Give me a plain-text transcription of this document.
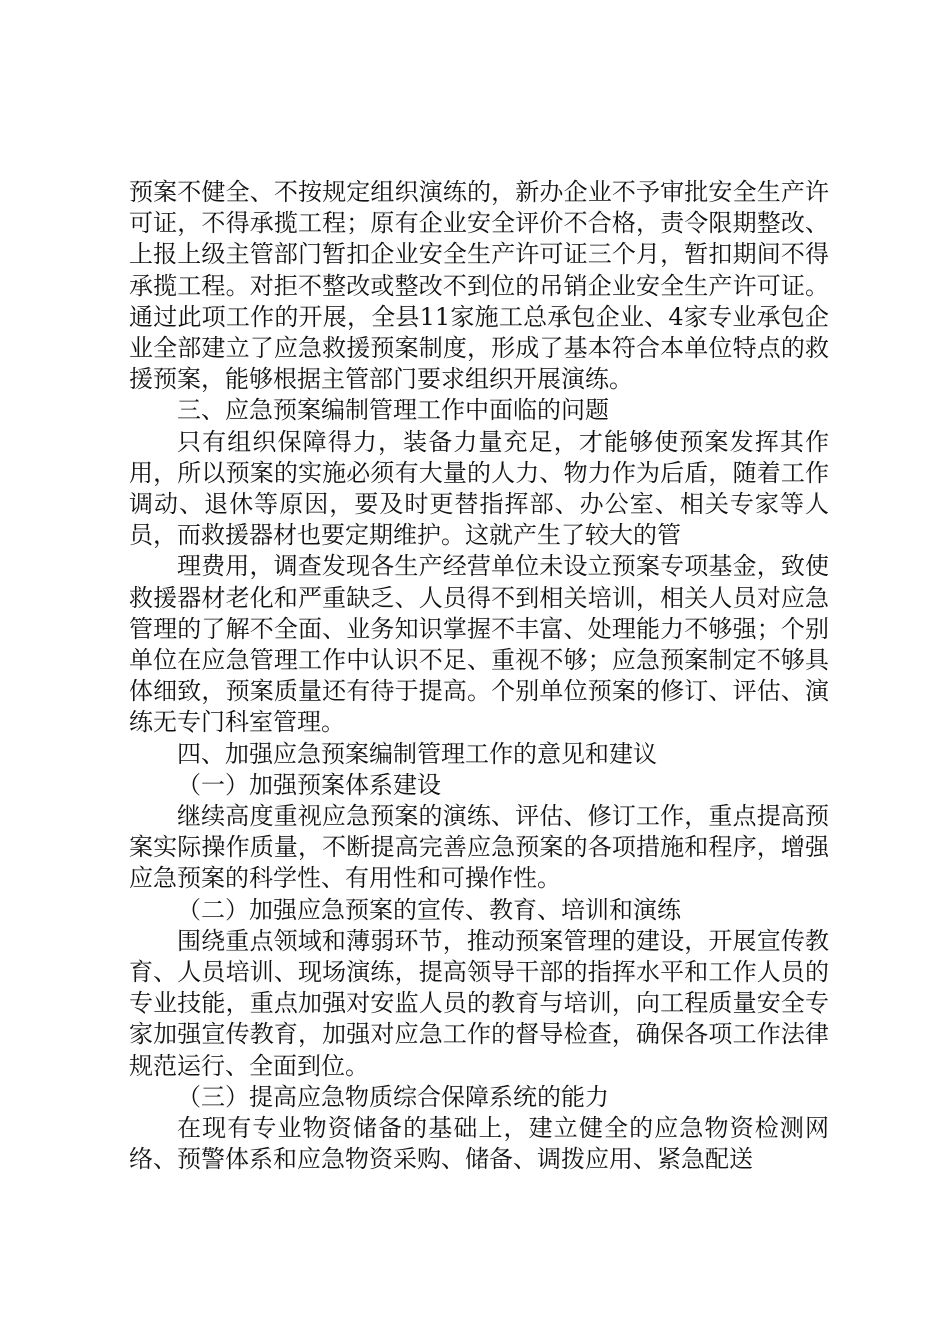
预案不健全、不按规定组织演练的，新办企业不予审批安全生产许可证，不得承揽工程；原有企业安全评价不合格，责令限期整改、上报上级主管部门暂扣企业安全生产许可证三个月，暂扣期间不得承揽工程。对拒不整改或整改不到位的吊销企业安全生产许可证。通过此项工作的开展，全县11家施工总承包企业、4家专业承包企业全部建立了应急救援预案制度，形成了基本符合本单位特点的救援预案，能够根据主管部门要求组织开展演练。

三、应急预案编制管理工作中面临的问题

只有组织保障得力，装备力量充足，才能够使预案发挥其作用，所以预案的实施必须有大量的人力、物力作为后盾，随着工作调动、退休等原因，要及时更替指挥部、办公室、相关专家等人员，而救援器材也要定期维护。这就产生了较大的管

理费用，调查发现各生产经营单位未设立预案专项基金，致使救援器材老化和严重缺乏、人员得不到相关培训，相关人员对应急管理的了解不全面、业务知识掌握不丰富、处理能力不够强；个别单位在应急管理工作中认识不足、重视不够；应急预案制定不够具体细致，预案质量还有待于提高。个别单位预案的修订、评估、演练无专门科室管理。

四、加强应急预案编制管理工作的意见和建议

（一）加强预案体系建设

继续高度重视应急预案的演练、评估、修订工作，重点提高预案实际操作质量，不断提高完善应急预案的各项措施和程序，增强应急预案的科学性、有用性和可操作性。

（二）加强应急预案的宣传、教育、培训和演练

围绕重点领域和薄弱环节，推动预案管理的建设，开展宣传教育、人员培训、现场演练，提高领导干部的指挥水平和工作人员的专业技能，重点加强对安监人员的教育与培训，向工程质量安全专家加强宣传教育，加强对应急工作的督导检查，确保各项工作法律规范运行、全面到位。

（三）提高应急物质综合保障系统的能力

在现有专业物资储备的基础上，建立健全的应急物资检测网络、预警体系和应急物资采购、储备、调拨应用、紧急配送
